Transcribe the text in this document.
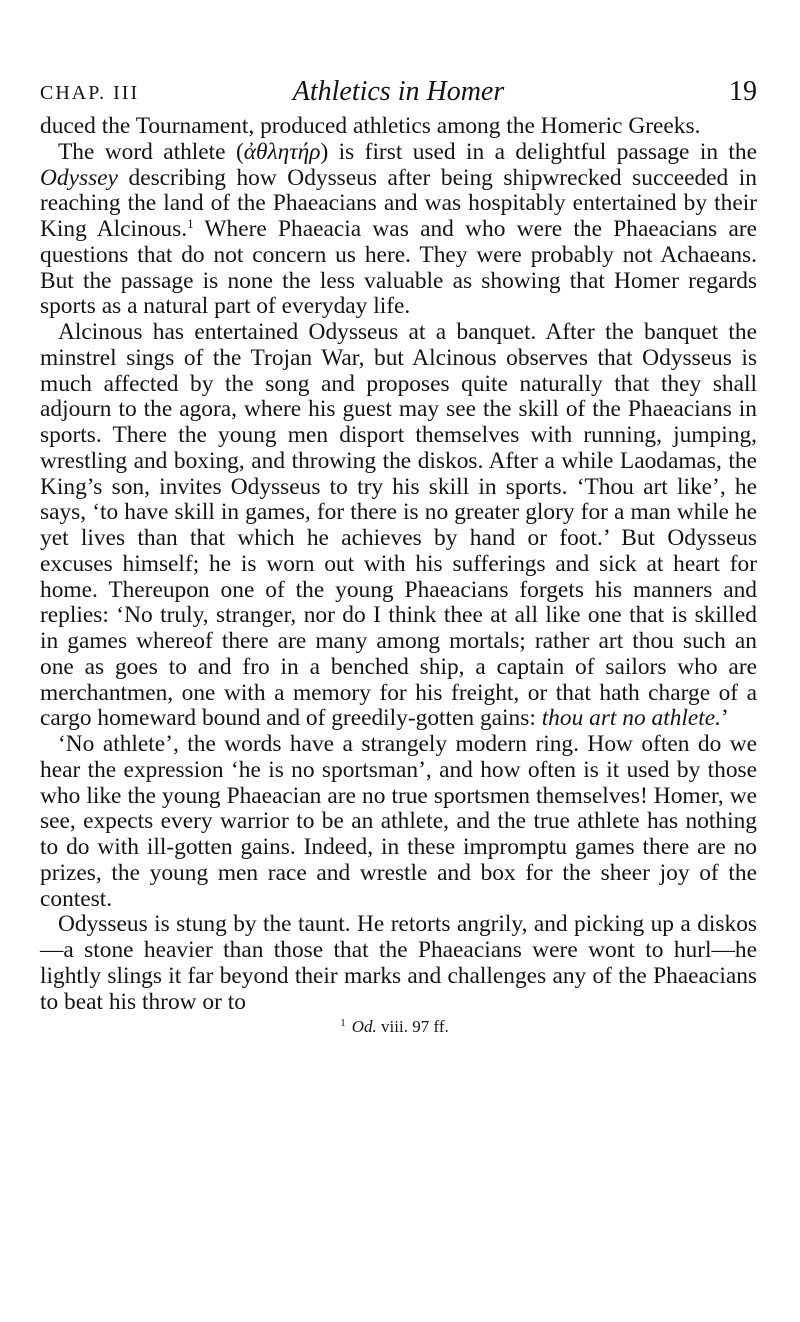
CHAP. III	Athletics in Homer	19

duced the Tournament, produced athletics among the Homeric Greeks.

The word athlete (ἀθλητήρ) is first used in a delightful passage in the Odyssey describing how Odysseus after being shipwrecked succeeded in reaching the land of the Phaeacians and was hospitably entertained by their King Alcinous.$^1$ Where Phaeacia was and who were the Phaeacians are questions that do not concern us here. They were probably not Achaeans. But the passage is none the less valuable as showing that Homer regards sports as a natural part of everyday life.

Alcinous has entertained Odysseus at a banquet. After the banquet the minstrel sings of the Trojan War, but Alcinous observes that Odysseus is much affected by the song and proposes quite naturally that they shall adjourn to the agora, where his guest may see the skill of the Phaeacians in sports. There the young men disport themselves with running, jumping, wrestling and boxing, and throwing the diskos. After a while Laodamas, the King’s son, invites Odysseus to try his skill in sports. ‘Thou art like’, he says, ‘to have skill in games, for there is no greater glory for a man while he yet lives than that which he achieves by hand or foot.’ But Odysseus excuses himself; he is worn out with his sufferings and sick at heart for home. Thereupon one of the young Phaeacians forgets his manners and replies: ‘No truly, stranger, nor do I think thee at all like one that is skilled in games whereof there are many among mortals; rather art thou such an one as goes to and fro in a benched ship, a captain of sailors who are merchantmen, one with a memory for his freight, or that hath charge of a cargo homeward bound and of greedily-gotten gains: thou art no athlete.’

‘No athlete’, the words have a strangely modern ring. How often do we hear the expression ‘he is no sportsman’, and how often is it used by those who like the young Phaeacian are no true sportsmen themselves! Homer, we see, expects every warrior to be an athlete, and the true athlete has nothing to do with ill-gotten gains. Indeed, in these impromptu games there are no prizes, the young men race and wrestle and box for the sheer joy of the contest.

Odysseus is stung by the taunt. He retorts angrily, and picking up a diskos—a stone heavier than those that the Phaeacians were wont to hurl—he lightly slings it far beyond their marks and challenges any of the Phaeacians to beat his throw or to

$^1$ Od. viii. 97 ff.
